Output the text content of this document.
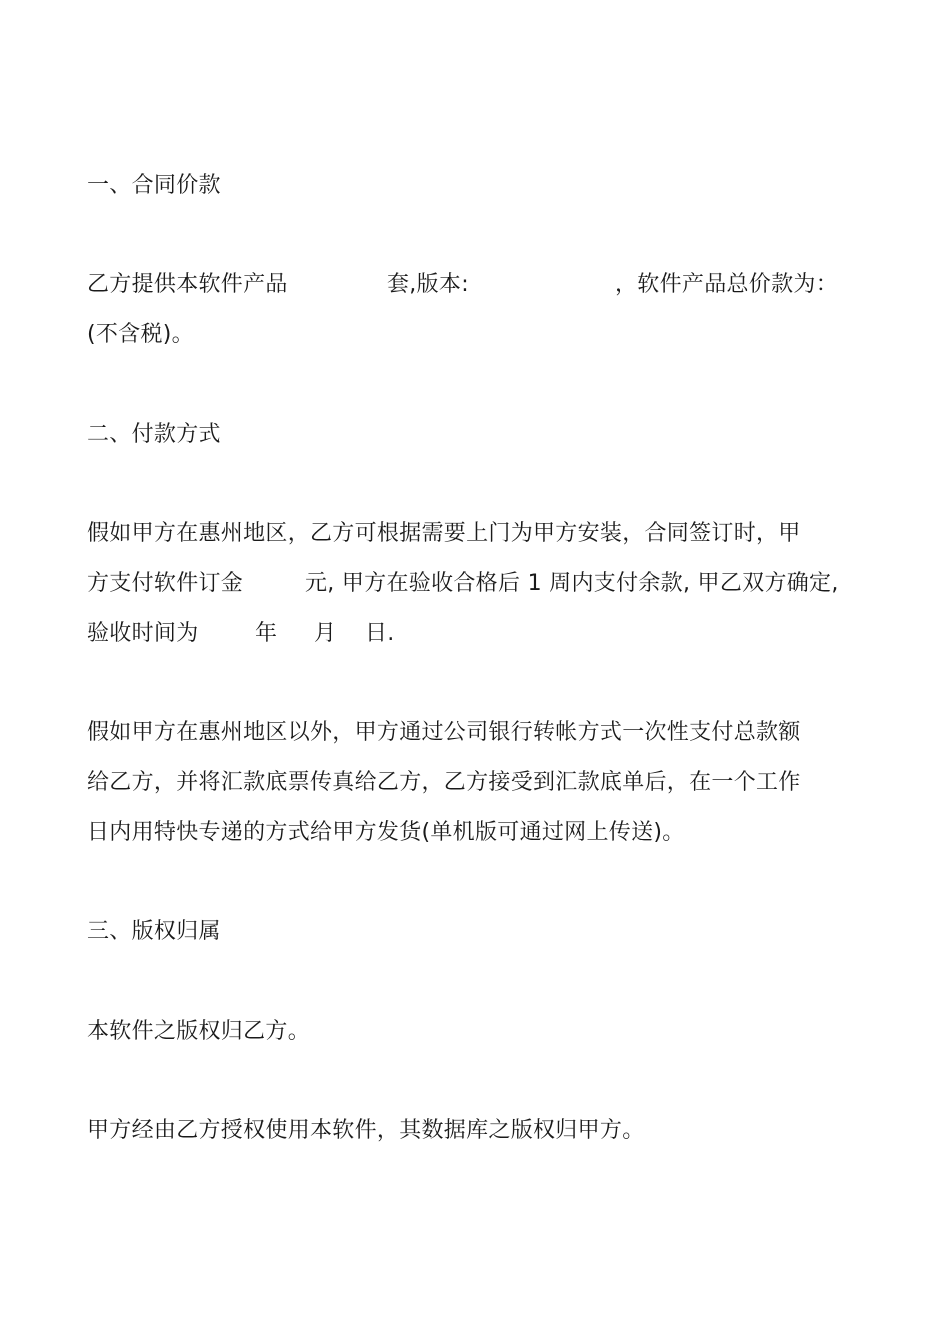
一、合同价款

乙方提供本软件产品

	套,版本:

	，软件产品总价款为：

(不含税)。
二、付款方式
假如甲方在惠州地区，乙方可根据需要上门为甲方安装，合同签订时，甲

方支付软件订金

	元, 甲方在验收合格后 1 周内支付余款, 甲乙双方确定,

验收时间为

	年

月

日.

假如甲方在惠州地区以外，甲方通过公司银行转帐方式一次性支付总款额
给乙方，并将汇款底票传真给乙方，乙方接受到汇款底单后，在一个工作
日内用特快专递的方式给甲方发货(单机版可通过网上传送)。
三、版权归属
本软件之版权归乙方。
甲方经由乙方授权使用本软件，其数据库之版权归甲方。
